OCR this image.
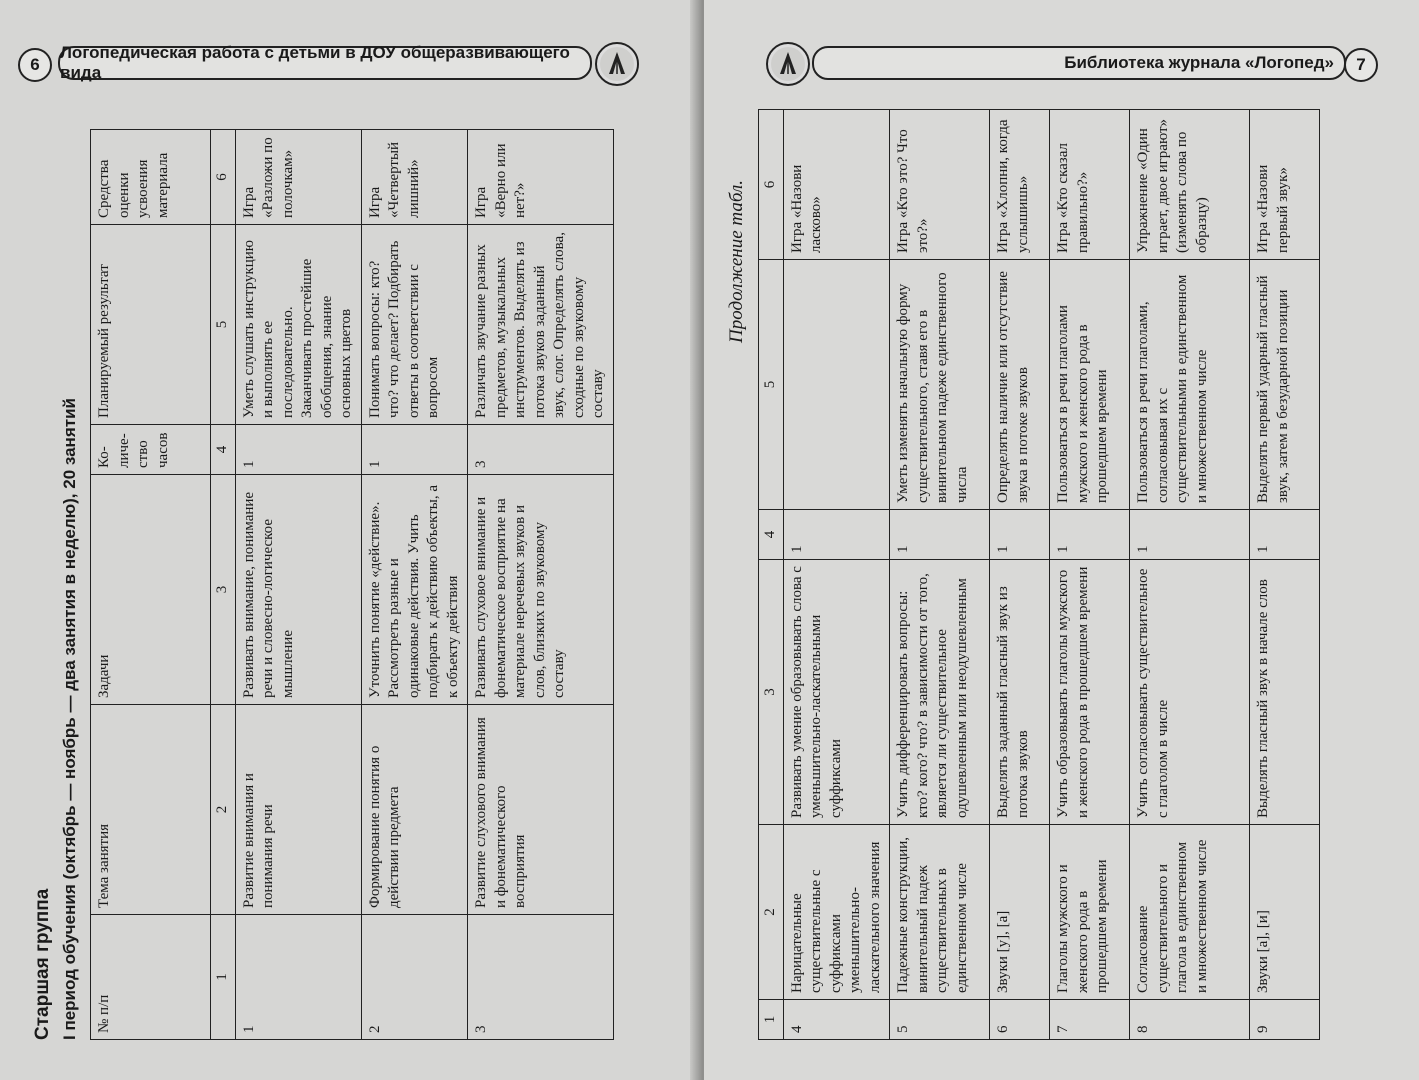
6
Логопедическая работа с детьми в ДОУ общеразвивающего вида
Старшая группа I период обучения (октябрь — ноябрь — два занятия в неделю), 20 занятий	№ п/п	Тема занятия	Задачи	Ко-личе-ство часов	Планируемый результат	Средства оценки усвоения материала
1	2	3	4	5	6
1	Развитие внимания и понимания речи	Развивать внимание, понимание речи и словесно-логическое мышление	1	Уметь слушать инструкцию и выполнять ее последовательно. Заканчивать простейшие обобщения, знание основных цветов	Игра «Разложи по полочкам»
2	Формирование понятия о действии предмета	Уточнить понятие «действие». Рассмотреть разные и одинаковые действия. Учить подбирать к действию объекты, а к объекту действия	1	Понимать вопросы: кто? что? что делает? Подбирать ответы в соответствии с вопросом	Игра «Четвертый лишний»
3	Развитие слухового внимания и фонематического восприятия	Развивать слуховое внимание и фонематическое восприятие на материале неречевых звуков и слов, близких по звуковому составу	3	Различать звучание разных предметов, музыкальных инструментов. Выделять из потока звуков заданный звук, слог. Определять слова, сходные по звуковому составу	Игра «Верно или нет?»
Библиотека журнала «Логопед»	7
Продолжение табл.
1	2	3	4	5	6
4	Нарицательные существительные с суффиксами уменьшительно-ласкательного значения	Развивать умение образовывать слова с уменьшительно-ласкательными суффиксами	1		Игра «Назови ласково»
5	Падежные конструкции, винительный падеж существительных в единственном числе	Учить дифференцировать вопросы: кто? кого? что? в зависимости от того, является ли существительное одушевленным или неодушевленным	1	Уметь изменять начальную форму существительного, ставя его в винительном падеже единственного числа	Игра «Кто это? Что это?»
6	Звуки [у], [а]	Выделять заданный гласный звук из потока звуков	1	Определять наличие или отсутствие звука в потоке звуков	Игра «Хлопни, когда услышишь»
7	Глаголы мужского и женского рода в прошедшем времени	Учить образовывать глаголы мужского и женского рода в прошедшем времени	1	Пользоваться в речи глаголами мужского и женского рода в прошедшем времени	Игра «Кто сказал правильно?»
8	Согласование существительного и глагола в единственном и множественном числе	Учить согласовывать существительное с глаголом в числе	1	Пользоваться в речи глаголами, согласовывая их с существительными в единственном и множественном числе	Упражнение «Один играет, двое играют» (изменять слова по образцу)
9	Звуки [а], [и]	Выделять гласный звук в начале слов	1	Выделять первый ударный гласный звук, затем в безударной позиции	Игра «Назови первый звук»
